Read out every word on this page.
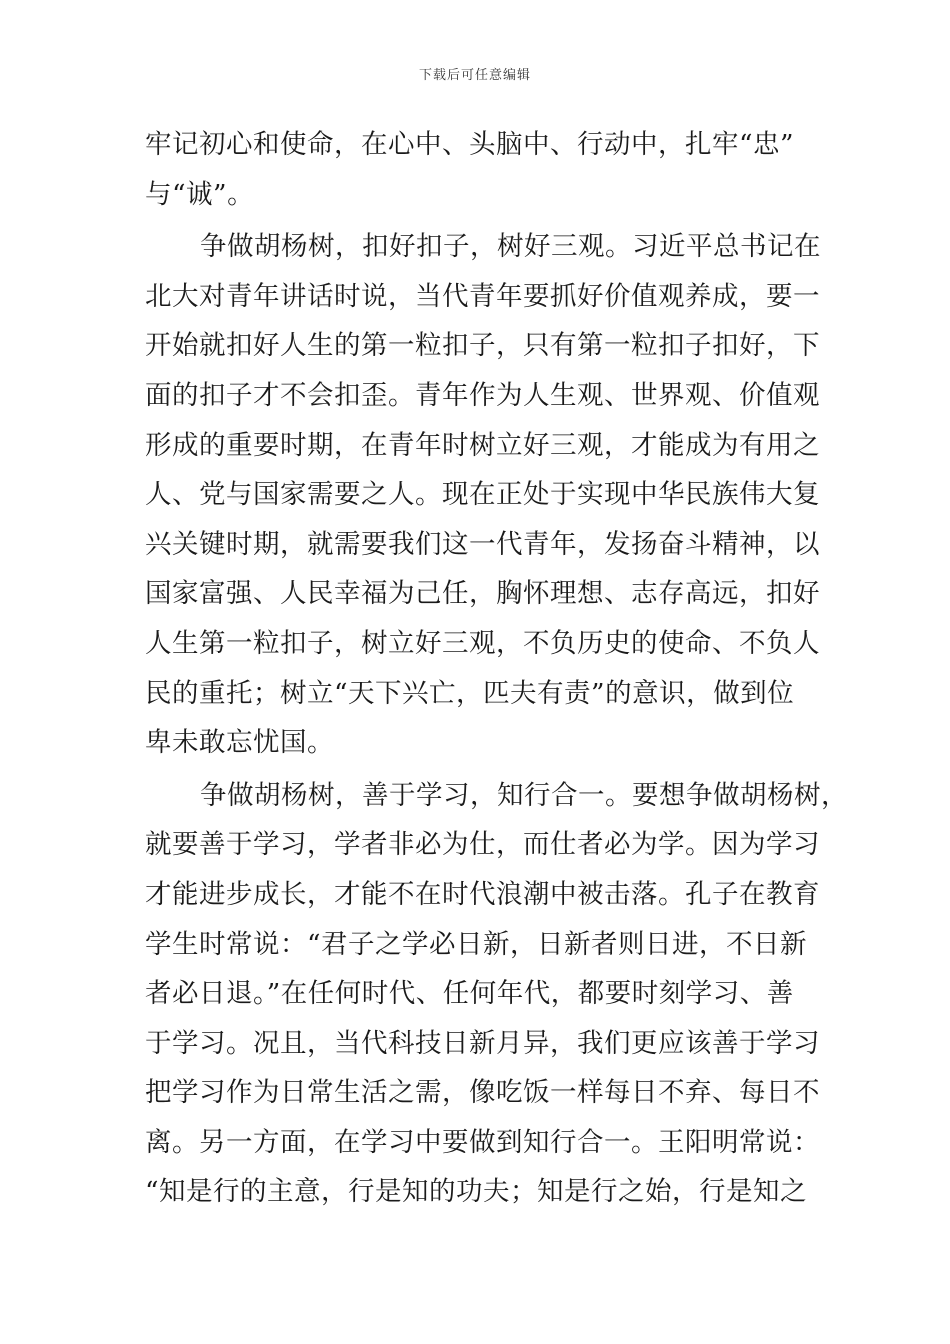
下载后可任意编辑
牢记初心和使命，在心中、头脑中、行动中，扎牢“忠”
与“诚”。
争做胡杨树，扣好扣子，树好三观。习近平总书记在
北大对青年讲话时说，当代青年要抓好价值观养成，要一
开始就扣好人生的第一粒扣子，只有第一粒扣子扣好，下
面的扣子才不会扣歪。青年作为人生观、世界观、价值观
形成的重要时期，在青年时树立好三观，才能成为有用之
人、党与国家需要之人。现在正处于实现中华民族伟大复
兴关键时期，就需要我们这一代青年，发扬奋斗精神，以
国家富强、人民幸福为己任，胸怀理想、志存高远，扣好
人生第一粒扣子，树立好三观，不负历史的使命、不负人
民的重托；树立“天下兴亡，匹夫有责”的意识，做到位
卑未敢忘忧国。
争做胡杨树，善于学习，知行合一。要想争做胡杨树，
就要善于学习，学者非必为仕，而仕者必为学。因为学习
才能进步成长，才能不在时代浪潮中被击落。孔子在教育
学生时常说：“君子之学必日新，日新者则日进，不日新
者必日退。”在任何时代、任何年代，都要时刻学习、善
于学习。况且，当代科技日新月异，我们更应该善于学习
把学习作为日常生活之需，像吃饭一样每日不弃、每日不
离。另一方面，在学习中要做到知行合一。王阳明常说：
“知是行的主意，行是知的功夫；知是行之始，行是知之
